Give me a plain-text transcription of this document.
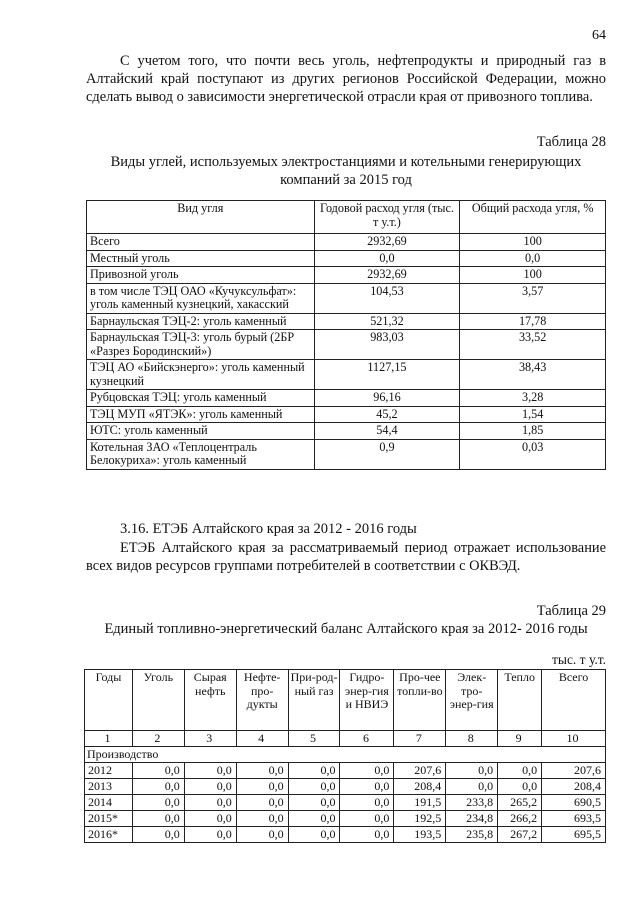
64

С учетом того, что почти весь уголь, нефтепродукты и природный газ в Алтайский край поступают из других регионов Российской Федерации, можно сделать вывод о зависимости энергетической отрасли края от привозного топлива.

Таблица 28

Виды углей, используемых электростанциями и котельными генерирующих компаний за 2015 год

Вид угля	Годовой расход угля (тыс. т у.т.)	Общий расхода угля, %
Всего	2932,69	100
Местный уголь	0,0	0,0
Привозной уголь	2932,69	100
в том числе ТЭЦ ОАО «Кучуксульфат»: уголь каменный кузнецкий, хакасский	104,53	3,57
Барнаульская ТЭЦ-2: уголь каменный	521,32	17,78
Барнаульская ТЭЦ-3: уголь бурый (2БР «Разрез Бородинский»)	983,03	33,52
ТЭЦ АО «Бийскэнерго»: уголь каменный кузнецкий	1127,15	38,43
Рубцовская ТЭЦ: уголь каменный	96,16	3,28
ТЭЦ МУП «ЯТЭК»: уголь каменный	45,2	1,54
ЮТС: уголь каменный	54,4	1,85
Котельная ЗАО «Теплоцентраль Белокуриха»: уголь каменный	0,9	0,03
3.16. ЕТЭБ Алтайского края за 2012 - 2016 годы

ЕТЭБ Алтайского края за рассматриваемый период отражает использование всех видов ресурсов группами потребителей в соответствии с ОКВЭД.

Таблица 29

Единый топливно-энергетический баланс Алтайского края за 2012- 2016 годы

тыс. т у.т.
Годы	Уголь	Сырая нефть	Нефте-про-дукты	При-род-ный газ	Гидро-энер-гия и НВИЭ	Про-чее топли-во	Элек-тро-энер-гия	Тепло	Всего
1	2	3	4	5	6	7	8	9	10
Производство									
2012	0,0	0,0	0,0	0,0	0,0	207,6	0,0	0,0	207,6
2013	0,0	0,0	0,0	0,0	0,0	208,4	0,0	0,0	208,4
2014	0,0	0,0	0,0	0,0	0,0	191,5	233,8	265,2	690,5
2015*	0,0	0,0	0,0	0,0	0,0	192,5	234,8	266,2	693,5
2016*	0,0	0,0	0,0	0,0	0,0	193,5	235,8	267,2	695,5
